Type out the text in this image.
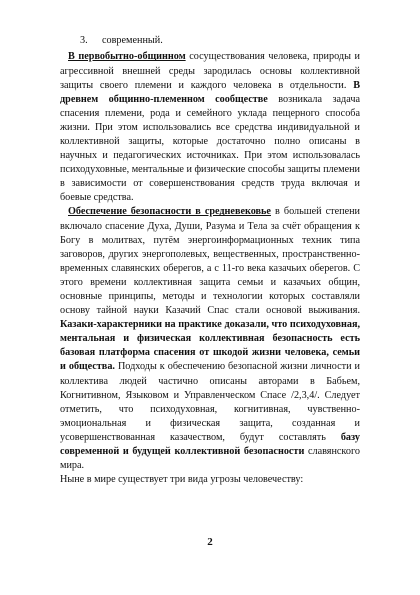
3. современный.

В первобытно-общинном сосуществования человека, природы и агрессивной внешней среды зародилась основы коллективной защиты своего племени и каждого человека в отдельности. В древнем общинно-племенном сообществе возникала задача спасения племени, рода и семейного уклада пещерного способа жизни. При этом использовались все средства индивидуальной и коллективной защиты, которые достаточно полно описаны в научных и педагогических источниках. При этом использовалась психодуховные, ментальные и физические способы защиты племени в зависимости от совершенствования средств труда включая и боевые средства.

Обеспечение безопасности в средневековье в большей степени включало спасение Духа, Души, Разума и Тела за счёт обращения к Богу в молитвах, путём энергоинформационных техник типа заговоров, других энергополевых, вещественных, пространственно-временных славянских оберегов, а с 11-го века казачьих оберегов. С этого времени коллективная защита семьи и казачьих общин, основные принципы, методы и технологии которых составляли основу тайной науки Казачий Спас стали основой выживания. Казаки-характерники на практике доказали, что психодуховная, ментальная и физическая коллективная безопасность есть базовая платформа спасения от шкодой жизни человека, семьи и общества. Подходы к обеспечению безопасной жизни личности и коллектива людей частично описаны авторами в Бабьем, Когнитивном, Языковом и Управленческом Спасе /2,3,4/. Следует отметить, что психодуховная, когнитивная, чувственно-эмоциональная и физическая защита, созданная и усовершенствованная казачеством, будут составлять базу современной и будущей коллективной безопасности славянского мира.

Ныне в мире существует три вида угрозы человечеству:

2
